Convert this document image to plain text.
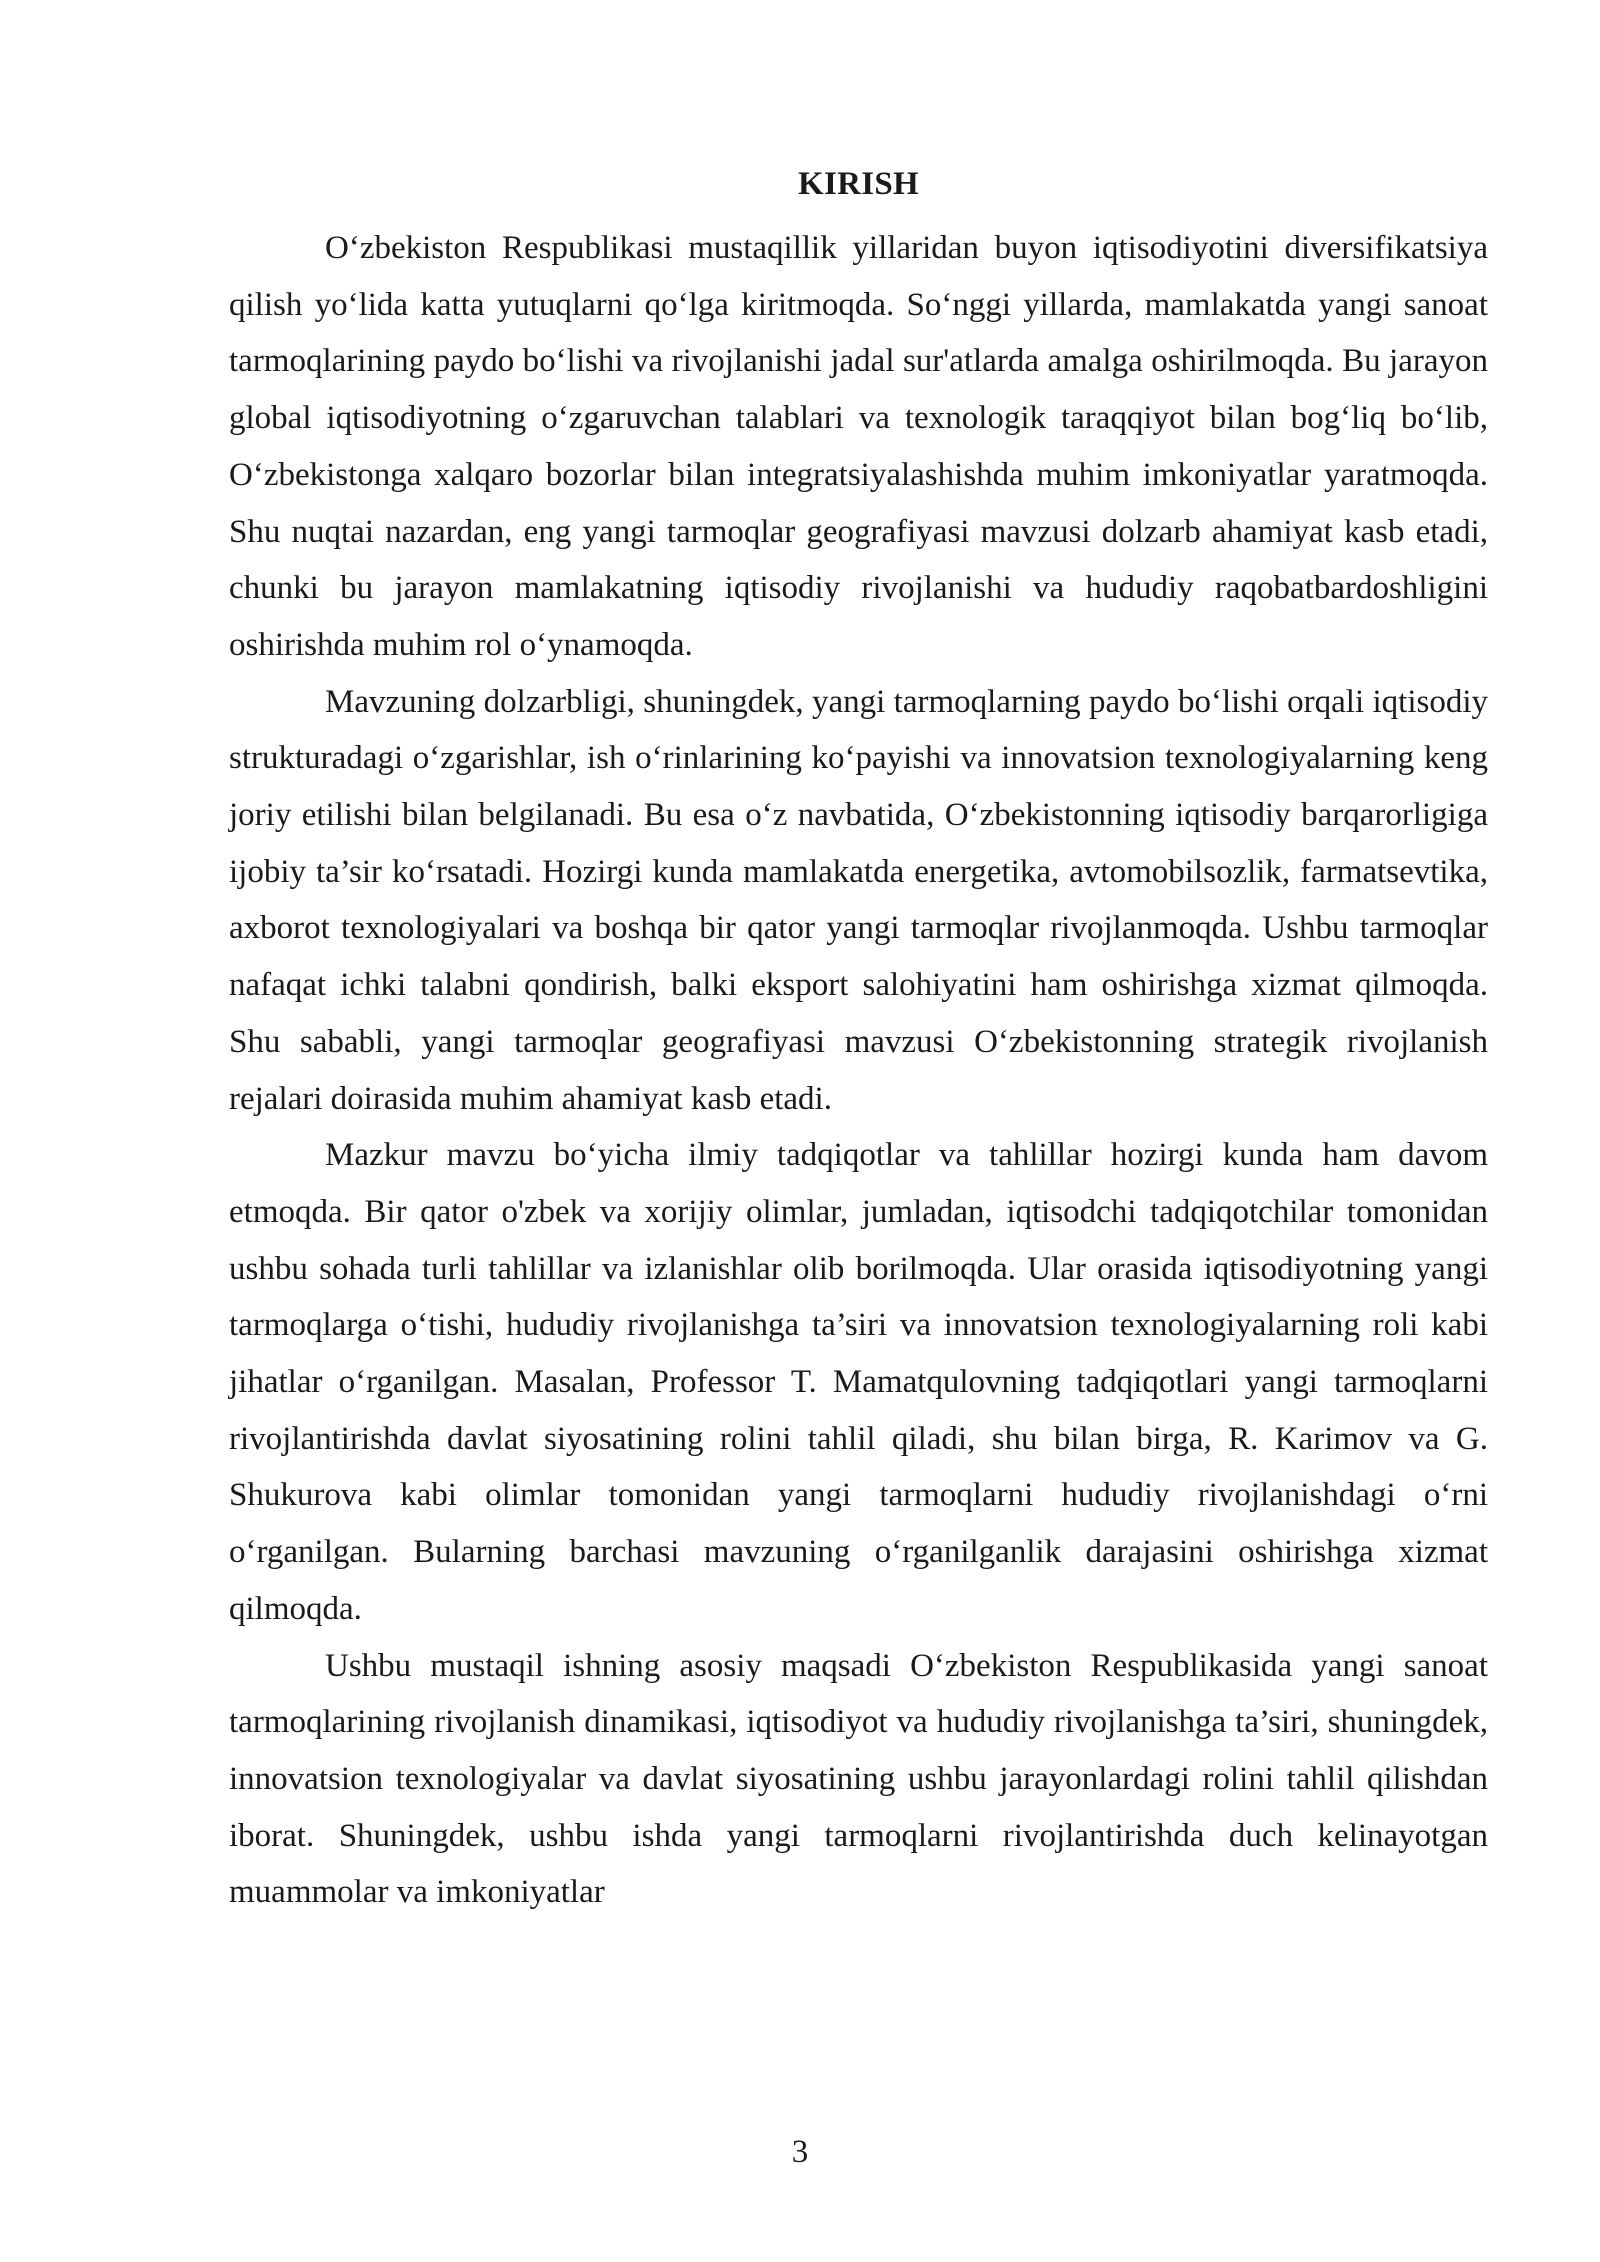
KIRISH

O‘zbekiston Respublikasi mustaqillik yillaridan buyon iqtisodiyotini diversifikatsiya qilish yo‘lida katta yutuqlarni qo‘lga kiritmoqda. So‘nggi yillarda, mamlakatda yangi sanoat tarmoqlarining paydo bo‘lishi va rivojlanishi jadal sur'atlarda amalga oshirilmoqda. Bu jarayon global iqtisodiyotning o‘zgaruvchan talablari va texnologik taraqqiyot bilan bog‘liq bo‘lib, O‘zbekistonga xalqaro bozorlar bilan integratsiyalashishda muhim imkoniyatlar yaratmoqda. Shu nuqtai nazardan, eng yangi tarmoqlar geografiyasi mavzusi dolzarb ahamiyat kasb etadi, chunki bu jarayon mamlakatning iqtisodiy rivojlanishi va hududiy raqobatbardoshligini oshirishda muhim rol o‘ynamoqda.

Mavzuning dolzarbligi, shuningdek, yangi tarmoqlarning paydo bo‘lishi orqali iqtisodiy strukturadagi o‘zgarishlar, ish o‘rinlarining ko‘payishi va innovatsion texnologiyalarning keng joriy etilishi bilan belgilanadi. Bu esa o‘z navbatida, O‘zbekistonning iqtisodiy barqarorligiga ijobiy ta’sir ko‘rsatadi. Hozirgi kunda mamlakatda energetika, avtomobilsozlik, farmatsevtika, axborot texnologiyalari va boshqa bir qator yangi tarmoqlar rivojlanmoqda. Ushbu tarmoqlar nafaqat ichki talabni qondirish, balki eksport salohiyatini ham oshirishga xizmat qilmoqda. Shu sababli, yangi tarmoqlar geografiyasi mavzusi O‘zbekistonning strategik rivojlanish rejalari doirasida muhim ahamiyat kasb etadi.

Mazkur mavzu bo‘yicha ilmiy tadqiqotlar va tahlillar hozirgi kunda ham davom etmoqda. Bir qator o'zbek va xorijiy olimlar, jumladan, iqtisodchi tadqiqotchilar tomonidan ushbu sohada turli tahlillar va izlanishlar olib borilmoqda. Ular orasida iqtisodiyotning yangi tarmoqlarga o‘tishi, hududiy rivojlanishga ta’siri va innovatsion texnologiyalarning roli kabi jihatlar o‘rganilgan. Masalan, Professor T. Mamatqulovning tadqiqotlari yangi tarmoqlarni rivojlantirishda davlat siyosatining rolini tahlil qiladi, shu bilan birga, R. Karimov va G. Shukurova kabi olimlar tomonidan yangi tarmoqlarni hududiy rivojlanishdagi o‘rni o‘rganilgan. Bularning barchasi mavzuning o‘rganilganlik darajasini oshirishga xizmat qilmoqda.

Ushbu mustaqil ishning asosiy maqsadi O‘zbekiston Respublikasida yangi sanoat tarmoqlarining rivojlanish dinamikasi, iqtisodiyot va hududiy rivojlanishga ta’siri, shuningdek, innovatsion texnologiyalar va davlat siyosatining ushbu jarayonlardagi rolini tahlil qilishdan iborat. Shuningdek, ushbu ishda yangi tarmoqlarni rivojlantirishda duch kelinayotgan muammolar va imkoniyatlar

3
